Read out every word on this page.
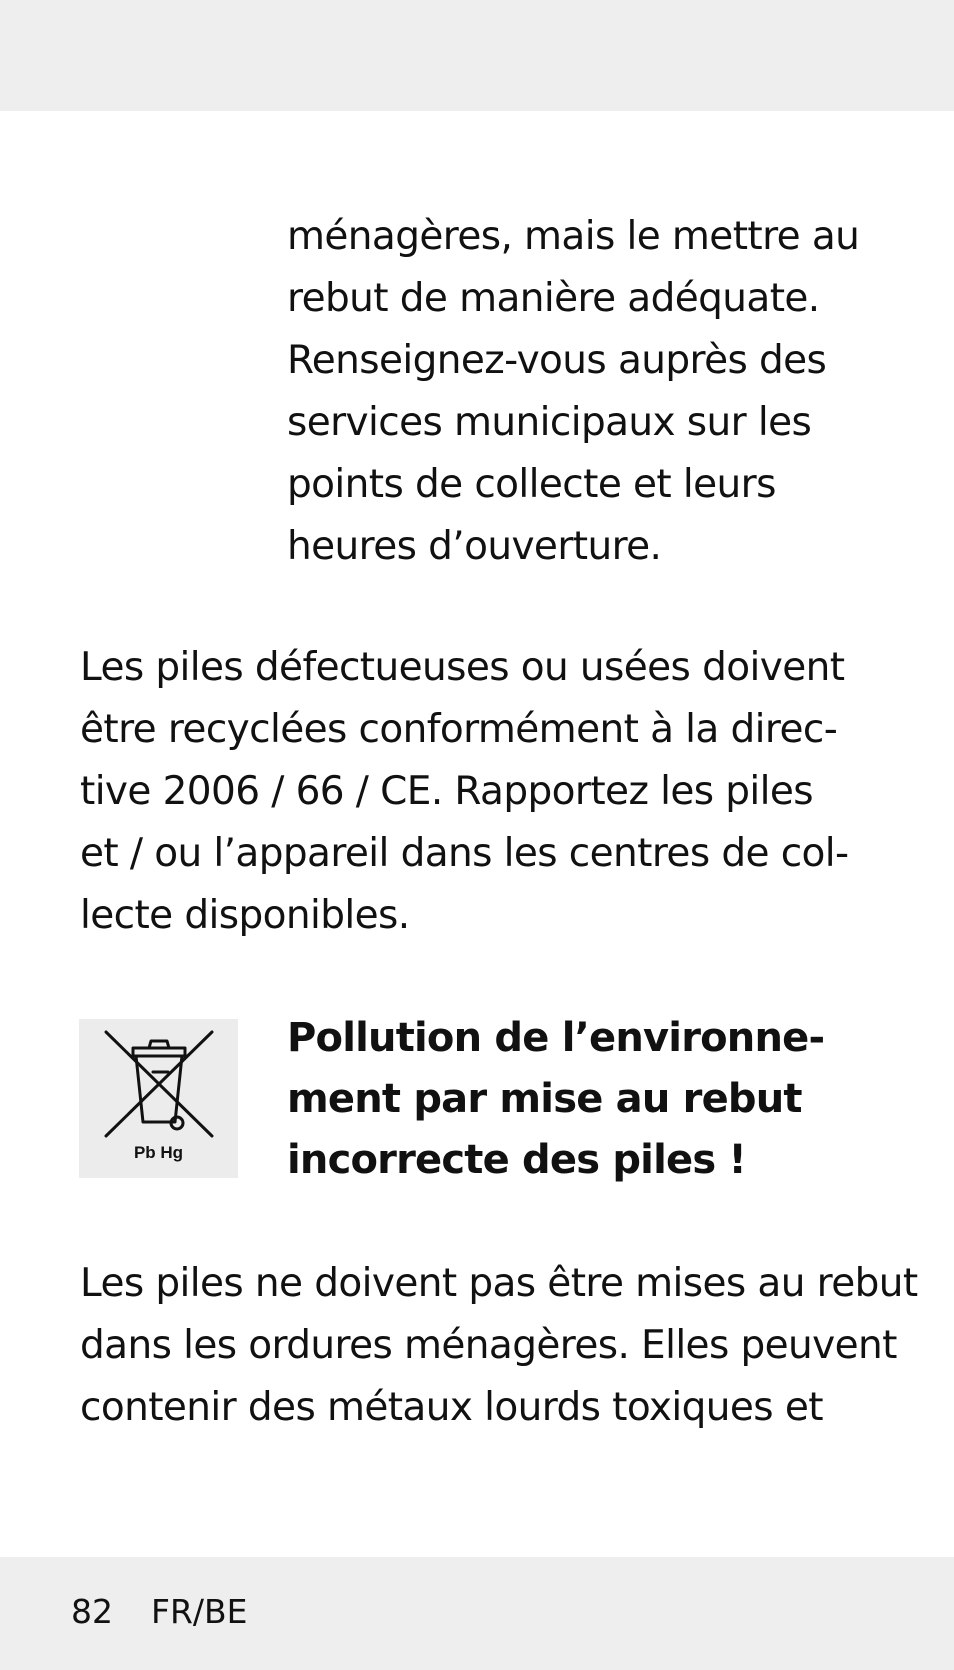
ménagères, mais le mettre au
rebut de manière adéquate.
Renseignez-vous auprès des
services municipaux sur les
points de collecte et leurs
heures d’ouverture.
Les piles défectueuses ou usées doivent
être recyclées conformément à la direc-
tive 2006 / 66 / CE. Rapportez les piles
et / ou l’appareil dans les centres de col-
lecte disponibles.
Pb Hg
Pollution de l’environne-
ment par mise au rebut
incorrecte des piles !
Les piles ne doivent pas être mises au rebut
dans les ordures ménagères. Elles peuvent
contenir des métaux lourds toxiques et
82 FR/BE
